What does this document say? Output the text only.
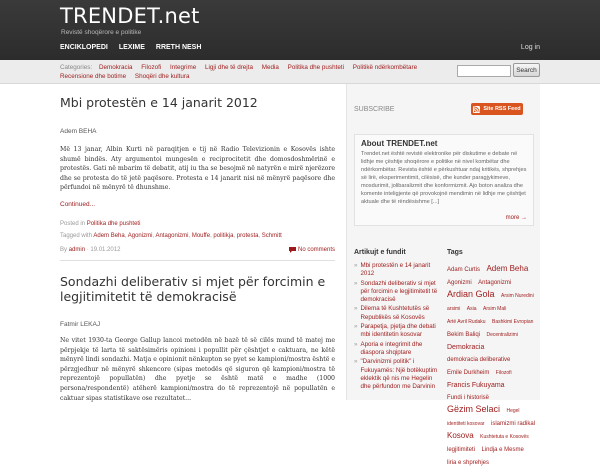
TRENDET.net
Revistë shoqërore e politike
ENCIKLOPEDI LEXIME RRETH NESH	Log in
Categories: Demokracia Filozofi Integrime Ligji dhe të drejta Media Politika dhe pushteti Politikë ndërkombëtare Recensione dhe botime Shoqëri dhe kultura
Search
Mbi protestën e 14 janarit 2012
Adem BEHA
Më 13 janar, Albin Kurti në paraqitjen e tij në Radio Televizionin e Kosovës ishte shumë bindës. Aty argumentoi mungesën e reciprocitetit dhe domosdoshmërinë e protestës. Gati në mbarim të debatit, atij iu tha se besojmë në natyrën e mirë njerëzore dhe se protesta do të jetë paqësore. Protesta e 14 janarit nisi në mënyrë paqësore dhe përfundoi në mënyrë të dhunshme.
Continued...
Posted in Politika dhe pushteti
Tagged with Adem Beha, Agonizmi, Antagonizmi, Mouffe, politikja, protesta, Schmitt
By admin · 19.01.2012	No comments
Sondazhi deliberativ si mjet për forcimin e legjitimitetit të demokracisë
Fatmir LEKAJ
Ne vitet 1930-ta George Gallup lancoi metodën në bazë të së cilës mund të matej me përpjekje të larta të saktësimëris opinioni i popullit për çështjet e caktuara, ne këtë mënyrë lindi sondazhi. Matja e opinionit nënkupton se pyet se kampioni/mostra është e përzgjedhur në mënyrë shkencore (sipas metodës që siguron që kampioni/mostra të reprezentojë popullatën) dhe pyetje se është matë e madhe (1000 persona/respondentë) atëherë kampioni/mostra do të reprezentojë në popullatën e caktuar sipas statistikave ose rezultatet...
SUBSCRIBE	Site RSS Feed
About TRENDET.net
Trendet.net është revistë elektronike për diskutime e debate në lidhje me çështje shoqërore e politike në nivel kombëtar dhe ndërkombëtar. Revista është e përkushtuar ndaj kritikës, shprehjes së lirë, eksperimentimit, cilësisë, dhe kunder paragjykimeve, mosdurimit, jolibaralizmit dhe konformizmit. Ajo boton analiza dhe komente inteligjente që provokojnë mendimin në lidhje me çështjet aktuale dhe të rëndësishme [...]
more →
Artikujt e fundit
» Mbi protestën e 14 janarit 2012
» Sondazhi deliberativ si mjet për forcimin e legjitimitetit të demokracisë
» Dilema të Kushtetutës së Republikës së Kosovës
» Parapetja, pjetja dhe debati mbi identitetin kosovar
» Aporia e integrimit dhe diaspora shqiptare
» "Darvinizmi politik" i Fukuyamës: Një botëkuptim eklektik që nis me Hegelin dhe përfundon me Darvinin
Tags
Adam Curtis Adem Beha Agonizmi Antagonizmi Ardian Gola Arsim Nuredini arsimi Asia Arsim Mali Artë Avril Rudaku Bashkimi Evropian Bekim Baliqi Decentralizimi Demokracia demokracia deliberative Emile Durkheim Filozofi Francis Fukuyama Fundi i historisë Gëzim Selaci Hegel identiteti kosovar islamizmi radikal Kosova Kushtetuta e Kosovës legjitimiteti Lindja e Mesme liria e shprehjes
